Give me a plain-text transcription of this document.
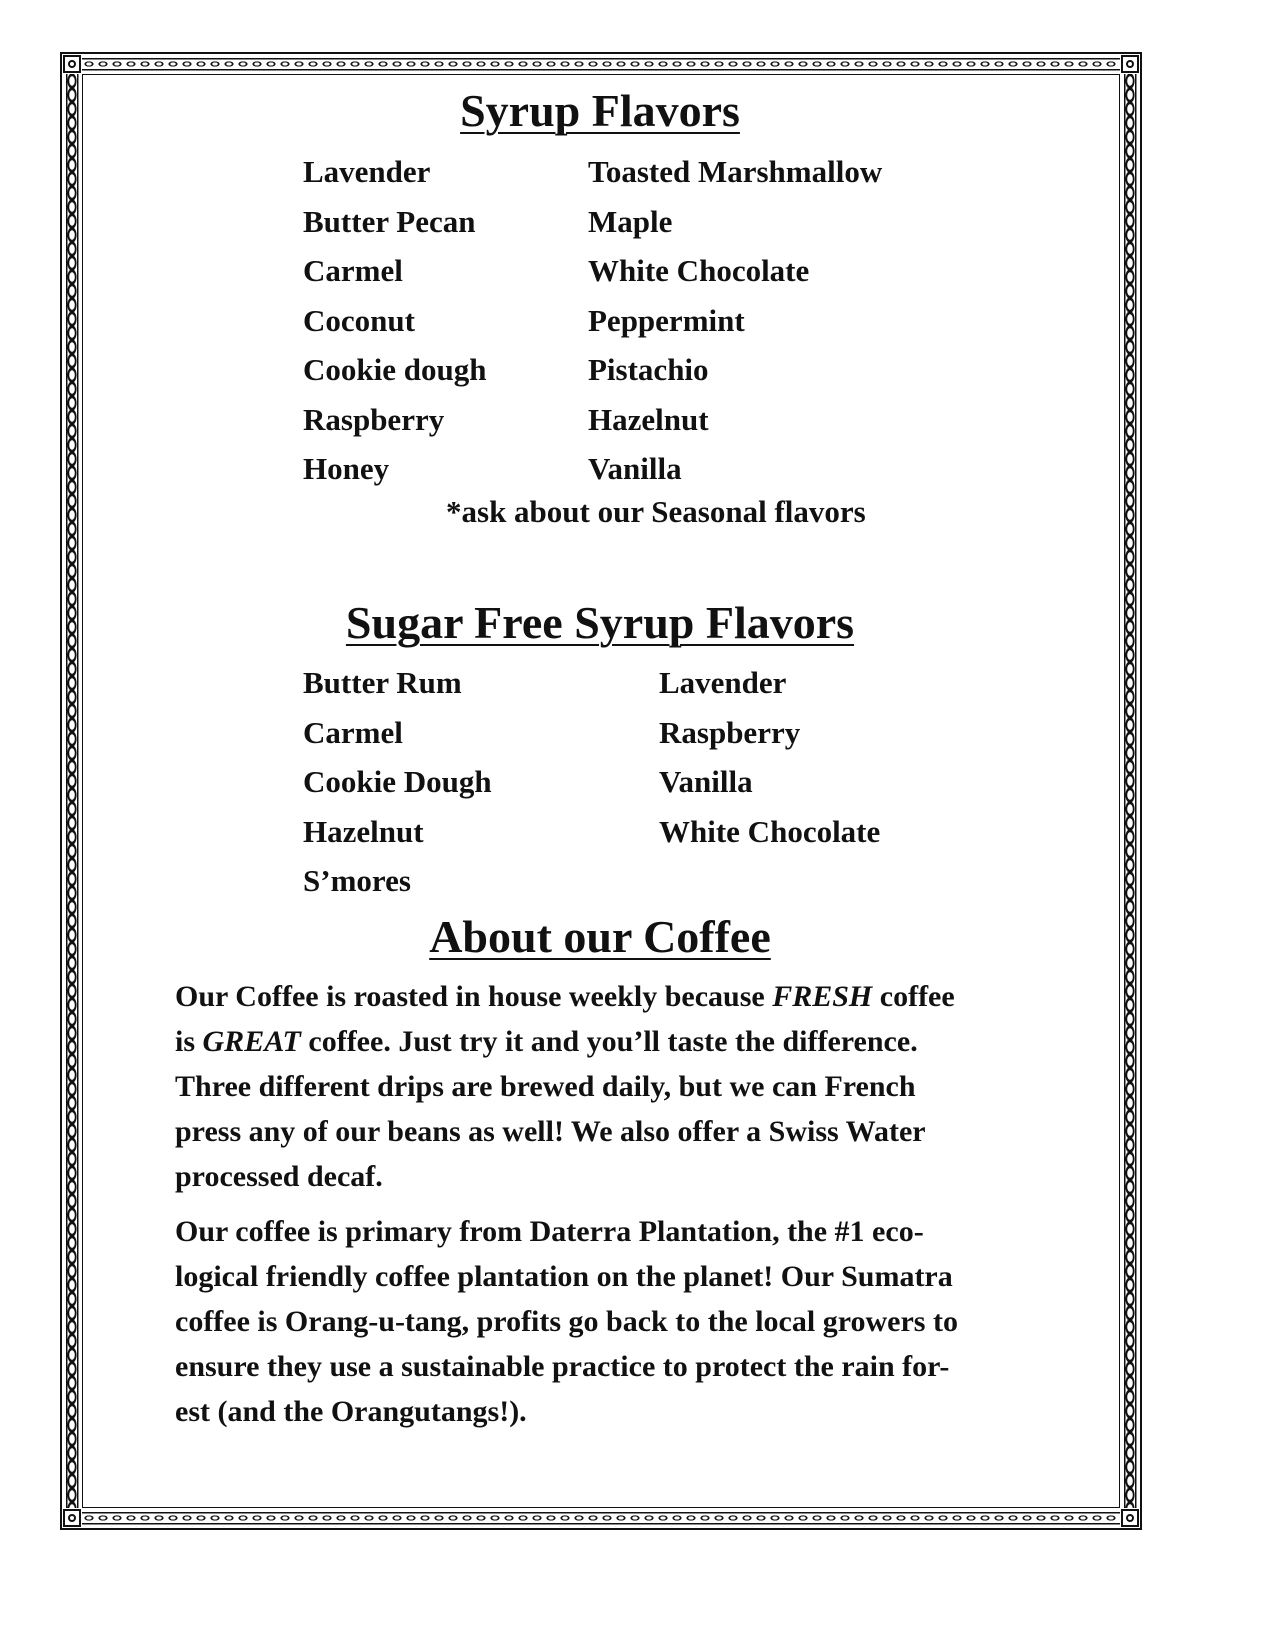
Syrup Flavors
Lavender
Butter Pecan
Carmel
Coconut
Cookie dough
Raspberry
Honey
Toasted Marshmallow
Maple
White Chocolate
Peppermint
Pistachio
Hazelnut
Vanilla
*ask about our Seasonal flavors
Sugar Free Syrup Flavors
Butter Rum
Carmel
Cookie Dough
Hazelnut
S’mores
Lavender
Raspberry
Vanilla
White Chocolate
About our Coffee
Our Coffee is roasted in house weekly because FRESH coffee
is GREAT coffee. Just try it and you’ll taste the difference.
Three different drips are brewed daily, but we can French
press any of our beans as well! We also offer a Swiss Water
processed decaf.
Our coffee is primary from Daterra Plantation, the #1 eco-
logical friendly coffee plantation on the planet! Our Sumatra
coffee is Orang-u-tang, profits go back to the local growers to
ensure they use a sustainable practice to protect the rain for-
est (and the Orangutangs!).
